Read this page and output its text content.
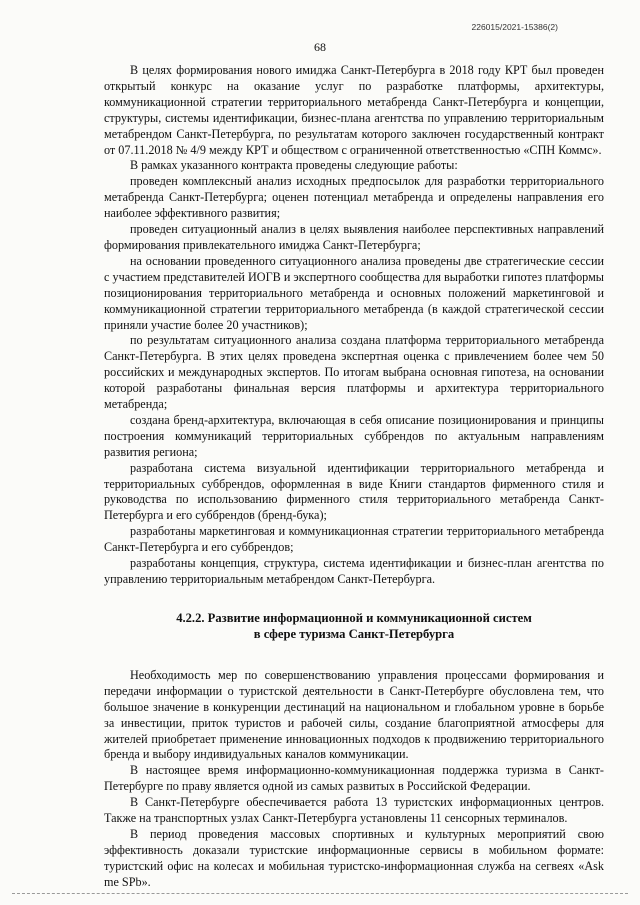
226015/2021-15386(2)
68

В целях формирования нового имиджа Санкт-Петербурга в 2018 году КРТ был проведен открытый конкурс на оказание услуг по разработке платформы, архитектуры, коммуникационной стратегии территориального метабренда Санкт-Петербурга и концепции, структуры, системы идентификации, бизнес-плана агентства по управлению территориальным метабрендом Санкт-Петербурга, по результатам которого заключен государственный контракт от 07.11.2018 № 4/9 между КРТ и обществом с ограниченной ответственностью «СПН Коммс».

В рамках указанного контракта проведены следующие работы:

проведен комплексный анализ исходных предпосылок для разработки территориального метабренда Санкт-Петербурга; оценен потенциал метабренда и определены направления его наиболее эффективного развития;

проведен ситуационный анализ в целях выявления наиболее перспективных направлений формирования привлекательного имиджа Санкт-Петербурга;

на основании проведенного ситуационного анализа проведены две стратегические сессии с участием представителей ИОГВ и экспертного сообщества для выработки гипотез платформы позиционирования территориального метабренда и основных положений маркетинговой и коммуникационной стратегии территориального метабренда (в каждой стратегической сессии приняли участие более 20 участников);

по результатам ситуационного анализа создана платформа территориального метабренда Санкт-Петербурга. В этих целях проведена экспертная оценка с привлечением более чем 50 российских и международных экспертов. По итогам выбрана основная гипотеза, на основании которой разработаны финальная версия платформы и архитектура территориального метабренда;

создана бренд-архитектура, включающая в себя описание позиционирования и принципы построения коммуникаций территориальных суббрендов по актуальным направлениям развития региона;

разработана система визуальной идентификации территориального метабренда и территориальных суббрендов, оформленная в виде Книги стандартов фирменного стиля и руководства по использованию фирменного стиля территориального метабренда Санкт-Петербурга и его суббрендов (бренд-бука);

разработаны маркетинговая и коммуникационная стратегии территориального метабренда Санкт-Петербурга и его суббрендов;

разработаны концепция, структура, система идентификации и бизнес-план агентства по управлению территориальным метабрендом Санкт-Петербурга.

4.2.2. Развитие информационной и коммуникационной систем
в сфере туризма Санкт-Петербурга

Необходимость мер по совершенствованию управления процессами формирования и передачи информации о туристской деятельности в Санкт-Петербурге обусловлена тем, что большое значение в конкуренции дестинаций на национальном и глобальном уровне в борьбе за инвестиции, приток туристов и рабочей силы, создание благоприятной атмосферы для жителей приобретает применение инновационных подходов к продвижению территориального бренда и выбору индивидуальных каналов коммуникации.

В настоящее время информационно-коммуникационная поддержка туризма в Санкт-Петербурге по праву является одной из самых развитых в Российской Федерации.

В Санкт-Петербурге обеспечивается работа 13 туристских информационных центров. Также на транспортных узлах Санкт-Петербурга установлены 11 сенсорных терминалов.

В период проведения массовых спортивных и культурных мероприятий свою эффективность доказали туристские информационные сервисы в мобильном формате: туристский офис на колесах и мобильная туристско-информационная служба на сегвеях «Ask me SPb».
